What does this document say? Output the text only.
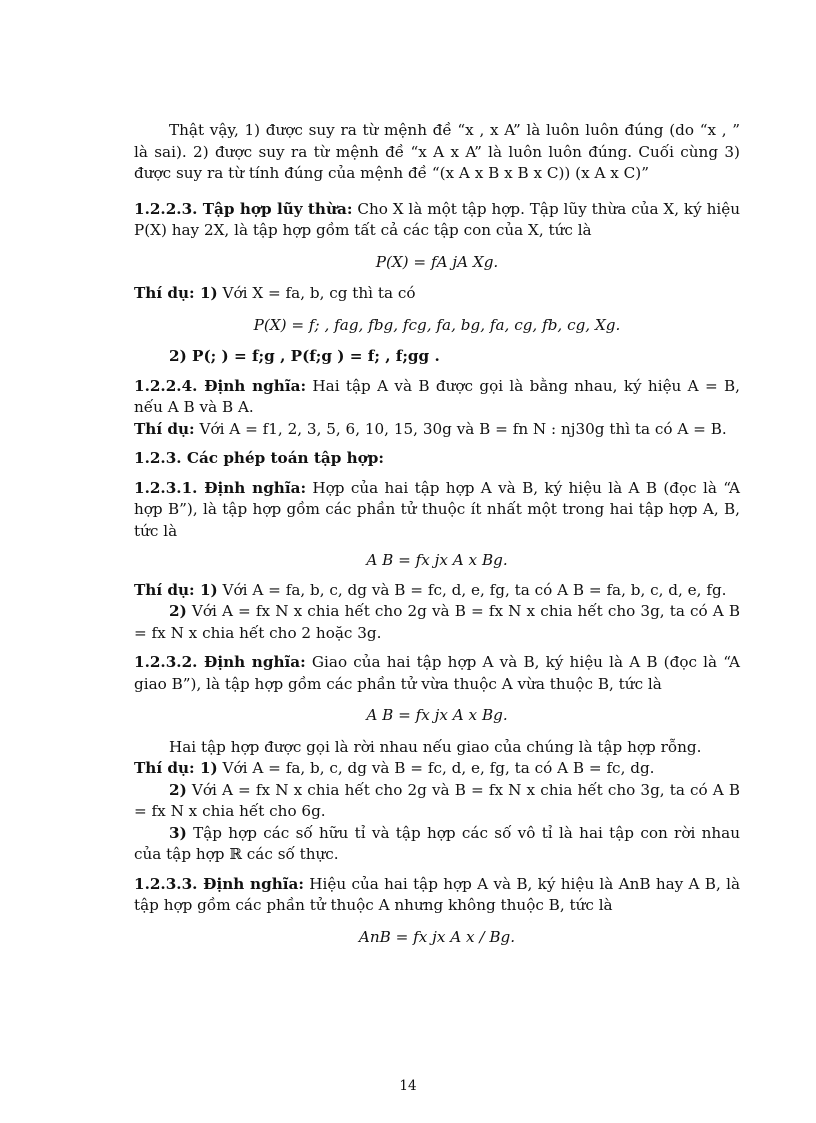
Thật vậy, 1) được suy ra từ mệnh đề “x , x A” là luôn luôn đúng (do “x , ” là sai). 2) được suy ra từ mệnh đề “x A x A” là luôn luôn đúng. Cuối cùng 3) được suy ra từ tính đúng của mệnh đề “(x A x B x B x C)) (x A x C)”

1.2.2.3. Tập hợp lũy thừa: Cho X là một tập hợp. Tập lũy thừa của X, ký hiệu P(X) hay 2X, là tập hợp gồm tất cả các tập con của X, tức là

P(X) = fA jA Xg.

Thí dụ: 1) Với X = fa, b, cg thì ta có

P(X) = f; , fag, fbg, fcg, fa, bg, fa, cg, fb, cg, Xg.

2) P(; ) = f;g , P(f;g ) = f; , f;gg .

1.2.2.4. Định nghĩa: Hai tập A và B được gọi là bằng nhau, ký hiệu A = B, nếu A B và B A.

Thí dụ: Với A = f1, 2, 3, 5, 6, 10, 15, 30g và B = fn N : nj30g thì ta có A = B.

1.2.3. Các phép toán tập hợp:

1.2.3.1. Định nghĩa: Hợp của hai tập hợp A và B, ký hiệu là A B (đọc là “A hợp B”), là tập hợp gồm các phần tử thuộc ít nhất một trong hai tập hợp A, B, tức là

A B = fx jx A x Bg.

Thí dụ: 1) Với A = fa, b, c, dg và B = fc, d, e, fg, ta có A B = fa, b, c, d, e, fg.

2) Với A = fx N x chia hết cho 2g và B = fx N x chia hết cho 3g, ta có A B = fx N x chia hết cho 2 hoặc 3g.

1.2.3.2. Định nghĩa: Giao của hai tập hợp A và B, ký hiệu là A B (đọc là “A giao B”), là tập hợp gồm các phần tử vừa thuộc A vừa thuộc B, tức là

A B = fx jx A x Bg.

Hai tập hợp được gọi là rời nhau nếu giao của chúng là tập hợp rỗng.

Thí dụ: 1) Với A = fa, b, c, dg và B = fc, d, e, fg, ta có A B = fc, dg.

2) Với A = fx N x chia hết cho 2g và B = fx N x chia hết cho 3g, ta có A B = fx N x chia hết cho 6g.

3) Tập hợp các số hữu tỉ và tập hợp các số vô tỉ là hai tập con rời nhau của tập hợp ℝ các số thực.

1.2.3.3. Định nghĩa: Hiệu của hai tập hợp A và B, ký hiệu là AnB hay A B, là tập hợp gồm các phần tử thuộc A nhưng không thuộc B, tức là

AnB = fx jx A x / Bg.
14
